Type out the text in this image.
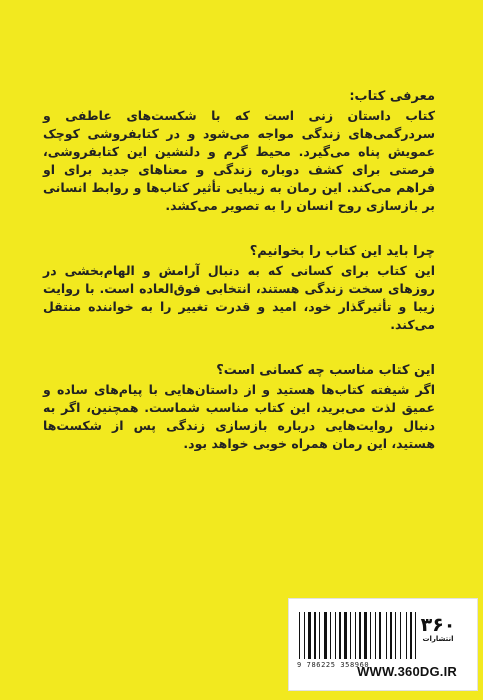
معرفی کتاب:

کتاب داستان زنی است که با شکست‌های عاطفی و سردرگمی‌های زندگی مواجه می‌شود و در کتابفروشی کوچک عمویش پناه می‌گیرد. محیط گرم و دلنشین این کتابفروشی، فرصتی برای کشف دوباره زندگی و معناهای جدید برای او فراهم می‌کند. این رمان به زیبایی تأثیر کتاب‌ها و روابط انسانی بر بازسازی روح انسان را به تصویر می‌کشد.

چرا باید این کتاب را بخوانیم؟

این کتاب برای کسانی که به دنبال آرامش و الهام‌بخشی در روزهای سخت زندگی هستند، انتخابی فوق‌العاده است. با روایت زیبا و تأثیرگذار خود، امید و قدرت تغییر را به خواننده منتقل می‌کند.

این کتاب مناسب چه کسانی است؟

اگر شیفته کتاب‌ها هستید و از داستان‌هایی با پیام‌های ساده و عمیق لذت می‌برید، این کتاب مناسب شماست. همچنین، اگر به دنبال روایت‌هایی درباره بازسازی زندگی پس از شکست‌ها هستید، این رمان همراه خوبی خواهد بود.

9 786225 358960
۳۶۰
انتشارات
WWW.360DG.IR
